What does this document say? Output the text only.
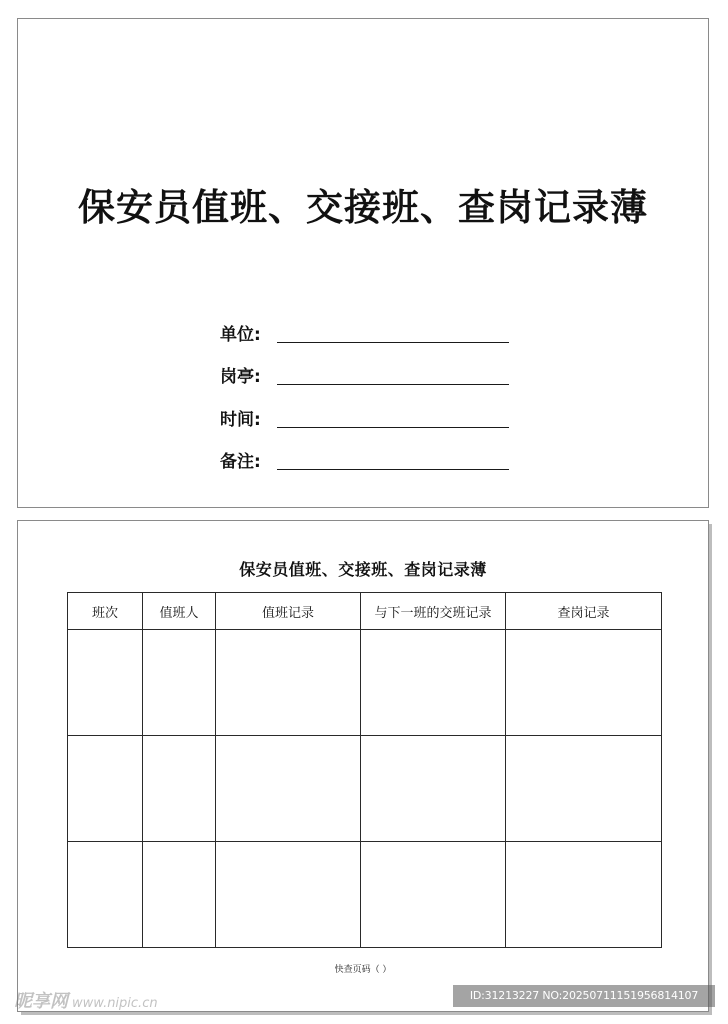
保安员值班、交接班、查岗记录薄
单位:
岗亭:
时间:
备注:
保安员值班、交接班、查岗记录薄
班次	值班人	值班记录	与下一班的交班记录	查岗记录

快查页码（ ）
昵享网 www.nipic.cn
ID:31213227 NO:20250711151956814107
